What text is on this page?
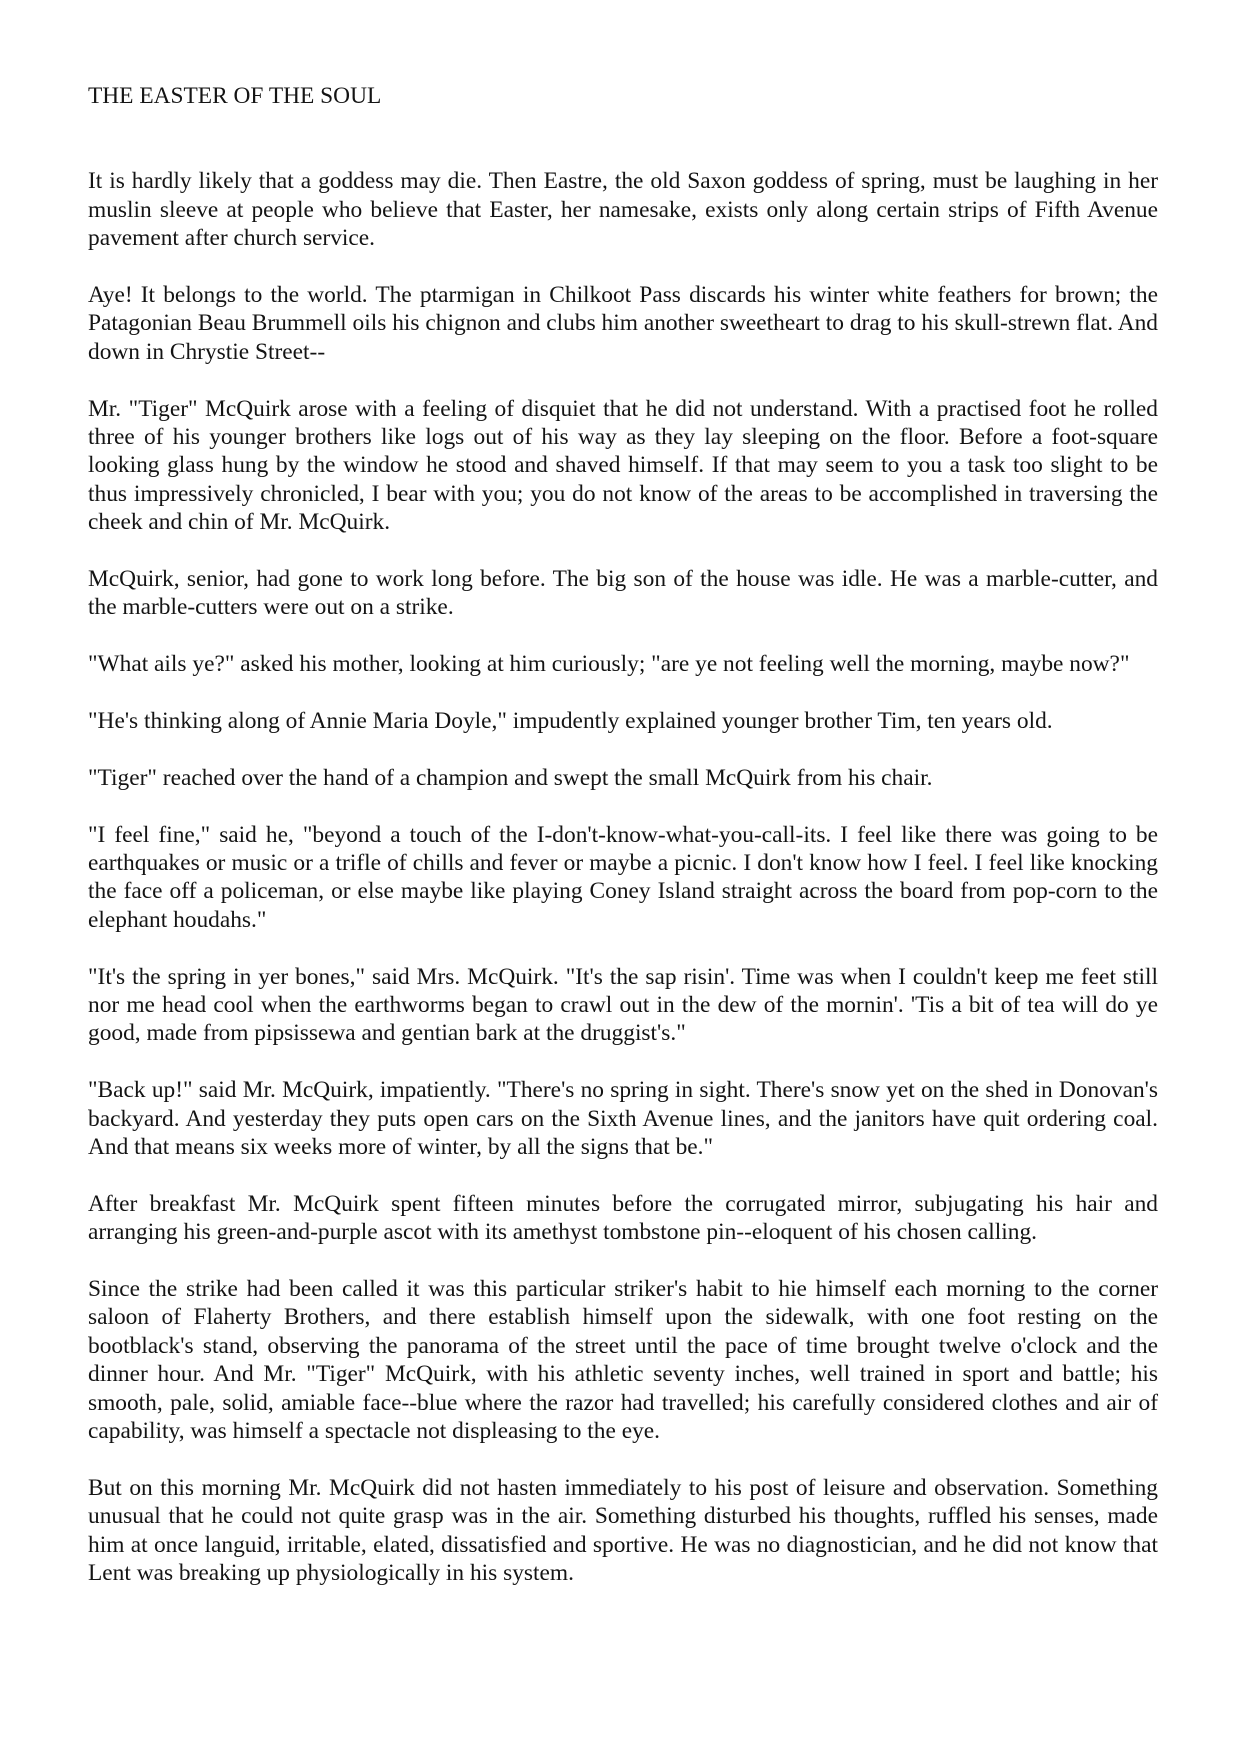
THE EASTER OF THE SOUL

It is hardly likely that a goddess may die. Then Eastre, the old Saxon goddess of spring, must be laughing in her muslin sleeve at people who believe that Easter, her namesake, exists only along certain strips of Fifth Avenue pavement after church service.

Aye! It belongs to the world. The ptarmigan in Chilkoot Pass discards his winter white feathers for brown; the Patagonian Beau Brummell oils his chignon and clubs him another sweetheart to drag to his skull-strewn flat. And down in Chrystie Street--

Mr. "Tiger" McQuirk arose with a feeling of disquiet that he did not understand. With a practised foot he rolled three of his younger brothers like logs out of his way as they lay sleeping on the floor. Before a foot-square looking glass hung by the window he stood and shaved himself. If that may seem to you a task too slight to be thus impressively chronicled, I bear with you; you do not know of the areas to be accomplished in traversing the cheek and chin of Mr. McQuirk.

McQuirk, senior, had gone to work long before. The big son of the house was idle. He was a marble-cutter, and the marble-cutters were out on a strike.

"What ails ye?" asked his mother, looking at him curiously; "are ye not feeling well the morning, maybe now?"

"He's thinking along of Annie Maria Doyle," impudently explained younger brother Tim, ten years old.

"Tiger" reached over the hand of a champion and swept the small McQuirk from his chair.

"I feel fine," said he, "beyond a touch of the I-don't-know-what-you-call-its. I feel like there was going to be earthquakes or music or a trifle of chills and fever or maybe a picnic. I don't know how I feel. I feel like knocking the face off a policeman, or else maybe like playing Coney Island straight across the board from pop-corn to the elephant houdahs."

"It's the spring in yer bones," said Mrs. McQuirk. "It's the sap risin'. Time was when I couldn't keep me feet still nor me head cool when the earthworms began to crawl out in the dew of the mornin'. 'Tis a bit of tea will do ye good, made from pipsissewa and gentian bark at the druggist's."

"Back up!" said Mr. McQuirk, impatiently. "There's no spring in sight. There's snow yet on the shed in Donovan's backyard. And yesterday they puts open cars on the Sixth Avenue lines, and the janitors have quit ordering coal. And that means six weeks more of winter, by all the signs that be."

After breakfast Mr. McQuirk spent fifteen minutes before the corrugated mirror, subjugating his hair and arranging his green-and-purple ascot with its amethyst tombstone pin--eloquent of his chosen calling.

Since the strike had been called it was this particular striker's habit to hie himself each morning to the corner saloon of Flaherty Brothers, and there establish himself upon the sidewalk, with one foot resting on the bootblack's stand, observing the panorama of the street until the pace of time brought twelve o'clock and the dinner hour. And Mr. "Tiger" McQuirk, with his athletic seventy inches, well trained in sport and battle; his smooth, pale, solid, amiable face--blue where the razor had travelled; his carefully considered clothes and air of capability, was himself a spectacle not displeasing to the eye.

But on this morning Mr. McQuirk did not hasten immediately to his post of leisure and observation. Something unusual that he could not quite grasp was in the air. Something disturbed his thoughts, ruffled his senses, made him at once languid, irritable, elated, dissatisfied and sportive. He was no diagnostician, and he did not know that Lent was breaking up physiologically in his system.
